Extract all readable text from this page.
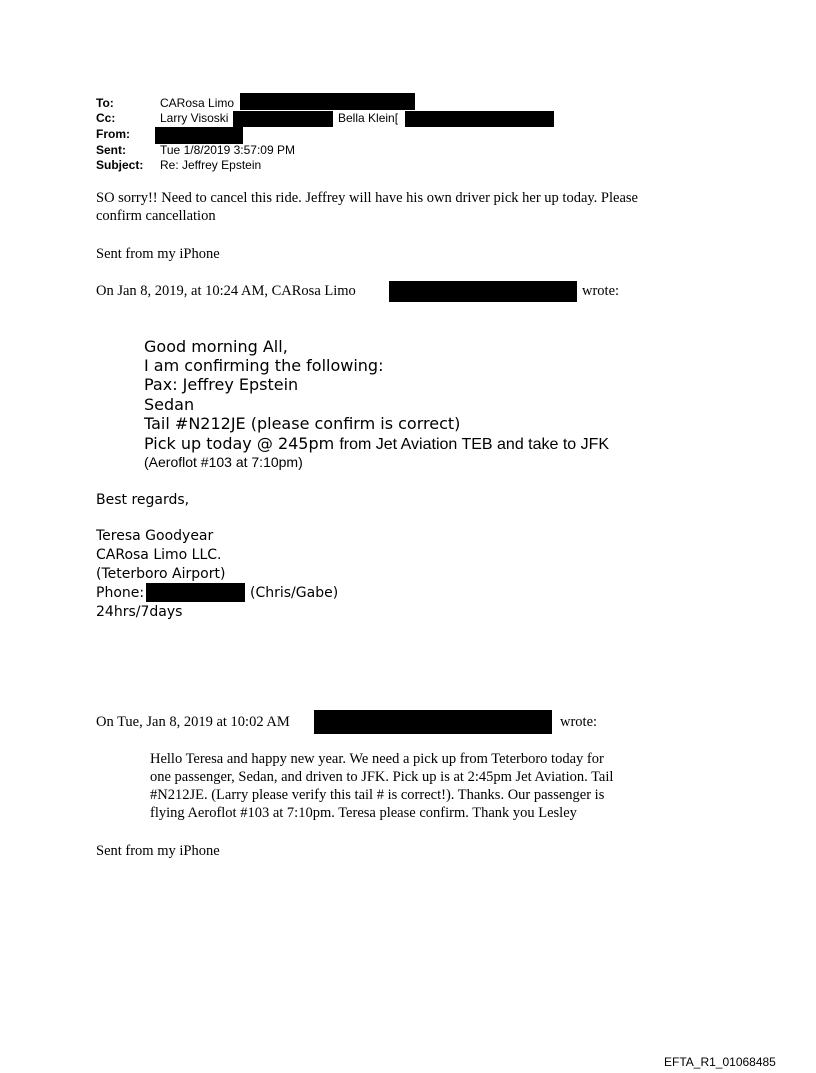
To:	CARosa Limo
Cc:	Larry Visoski	Bella Klein[
From:
Sent:	Tue 1/8/2019 3:57:09 PM
Subject: Re: Jeffrey Epstein
SO sorry!! Need to cancel this ride. Jeffrey will have his own driver pick her up today. Please
confirm cancellation
Sent from my iPhone
On Jan 8, 2019, at 10:24 AM, CARosa Limo	wrote:
Good morning All,
I am confirming the following:
Pax: Jeffrey Epstein
Sedan
Tail #N212JE (please confirm is correct)
Pick up today @ 245pm from Jet Aviation TEB and take to JFK
(Aeroflot #103 at 7:10pm)
Best regards,
Teresa Goodyear
CARosa Limo LLC.
(Teterboro Airport)
Phone:	(Chris/Gabe)
24hrs/7days
On Tue, Jan 8, 2019 at 10:02 AM	wrote:
Hello Teresa and happy new year. We need a pick up from Teterboro today for
one passenger, Sedan, and driven to JFK. Pick up is at 2:45pm Jet Aviation. Tail
#N212JE. (Larry please verify this tail # is correct!). Thanks. Our passenger is
flying Aeroflot #103 at 7:10pm. Teresa please confirm. Thank you Lesley
Sent from my iPhone
EFTA_R1_01068485
